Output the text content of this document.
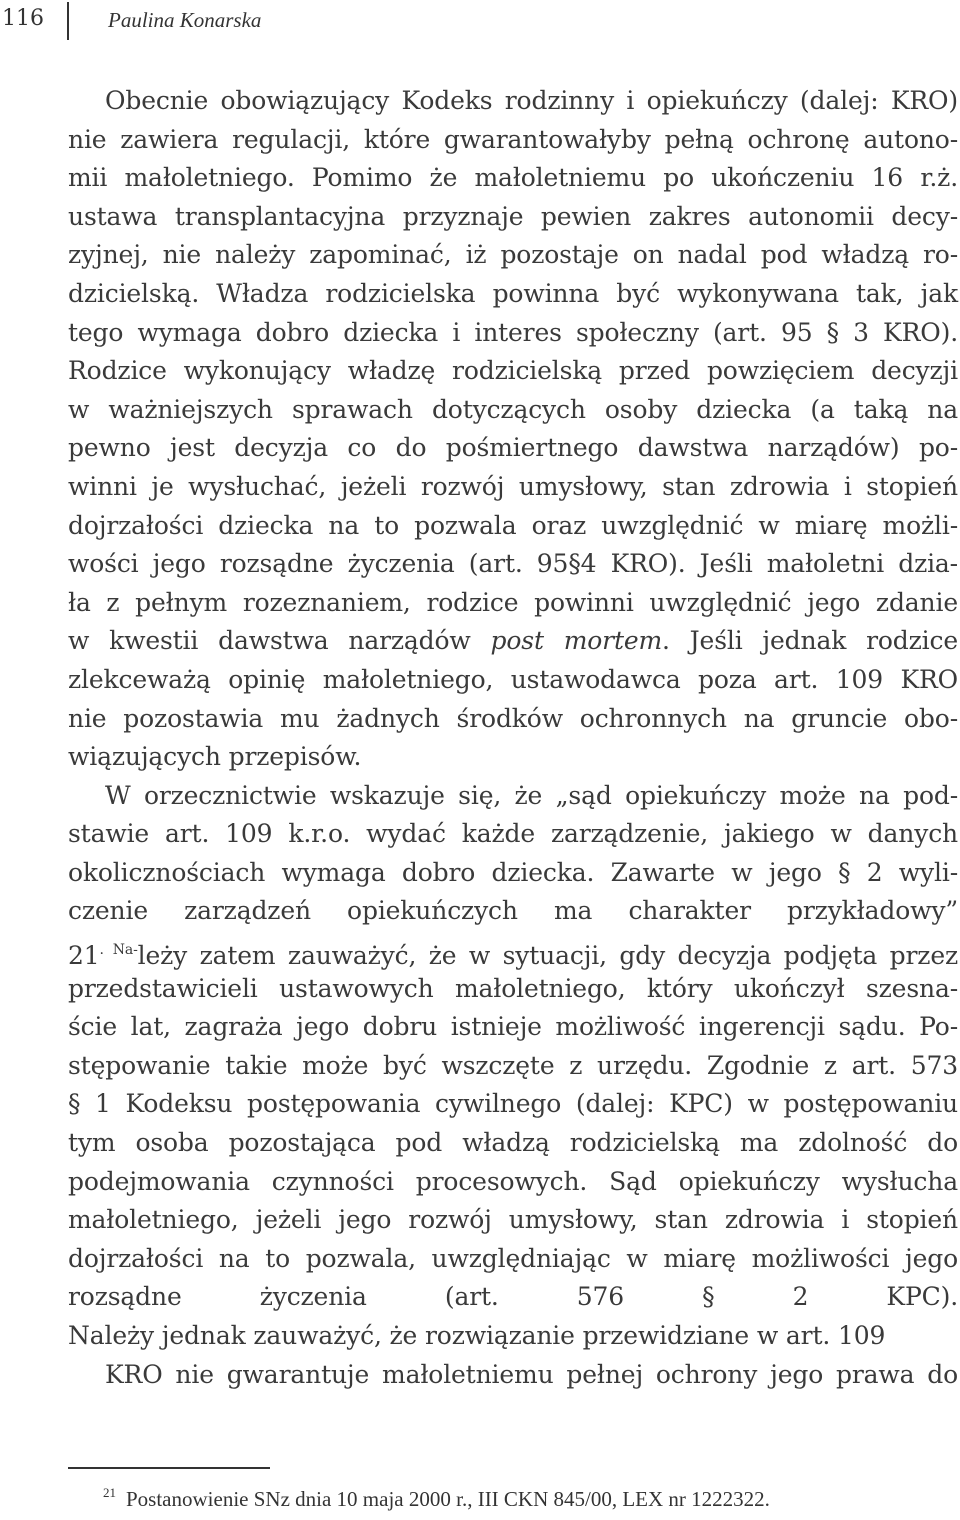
116	Paulina Konarska
Obecnie obowiązujący Kodeks rodzinny i opiekuńczy (dalej: KRO)
nie zawiera regulacji, które gwarantowałyby pełną ochronę autono-
mii małoletniego. Pomimo że małoletniemu po ukończeniu 16 r.ż.
ustawa transplantacyjna przyznaje pewien zakres autonomii decy-
zyjnej, nie należy zapominać, iż pozostaje on nadal pod władzą ro-
dzicielską. Władza rodzicielska powinna być wykonywana tak, jak
tego wymaga dobro dziecka i interes społeczny (art. 95 § 3 KRO).
Rodzice wykonujący władzę rodzicielską przed powzięciem decyzji
w ważniejszych sprawach dotyczących osoby dziecka (a taką na
pewno jest decyzja co do pośmiertnego dawstwa narządów) po-
winni je wysłuchać, jeżeli rozwój umysłowy, stan zdrowia i stopień
dojrzałości dziecka na to pozwala oraz uwzględnić w miarę możli-
wości jego rozsądne życzenia (art. 95§4 KRO). Jeśli małoletni dzia-
ła z pełnym rozeznaniem, rodzice powinni uwzględnić jego zdanie
w kwestii dawstwa narządów post mortem. Jeśli jednak rodzice
zlekceważą opinię małoletniego, ustawodawca poza art. 109 KRO
nie pozostawia mu żadnych środków ochronnych na gruncie obo-
wiązujących przepisów.
W orzecznictwie wskazuje się, że „sąd opiekuńczy może na pod-
stawie art. 109 k.r.o. wydać każde zarządzenie, jakiego w danych
okolicznościach wymaga dobro dziecka. Zawarte w jego § 2 wyli-
czenie zarządzeń opiekuńczych ma charakter przykładowy”
$21^{. Na-}leży$ zatem zauważyć, że w sytuacji, gdy decyzja podjęta przez
przedstawicieli ustawowych małoletniego, który ukończył szesna-
ście lat, zagraża jego dobru istnieje możliwość ingerencji sądu. Po-
stępowanie takie może być wszczęte z urzędu. Zgodnie z art. 573
§ 1 Kodeksu postępowania cywilnego (dalej: KPC) w postępowaniu
tym osoba pozostająca pod władzą rodzicielską ma zdolność do
podejmowania czynności procesowych. Sąd opiekuńczy wysłucha
małoletniego, jeżeli jego rozwój umysłowy, stan zdrowia i stopień
dojrzałości na to pozwala, uwzględniając w miarę możliwości jego
rozsądne życzenia (art. 576 § 2 KPC).
Należy jednak zauważyć, że rozwiązanie przewidziane w art. 109
KRO nie gwarantuje małoletniemu pełnej ochrony jego prawa do
$^{21}$ Postanowienie SNz dnia 10 maja 2000 r., III CKN 845/00, LEX nr 1222322.
